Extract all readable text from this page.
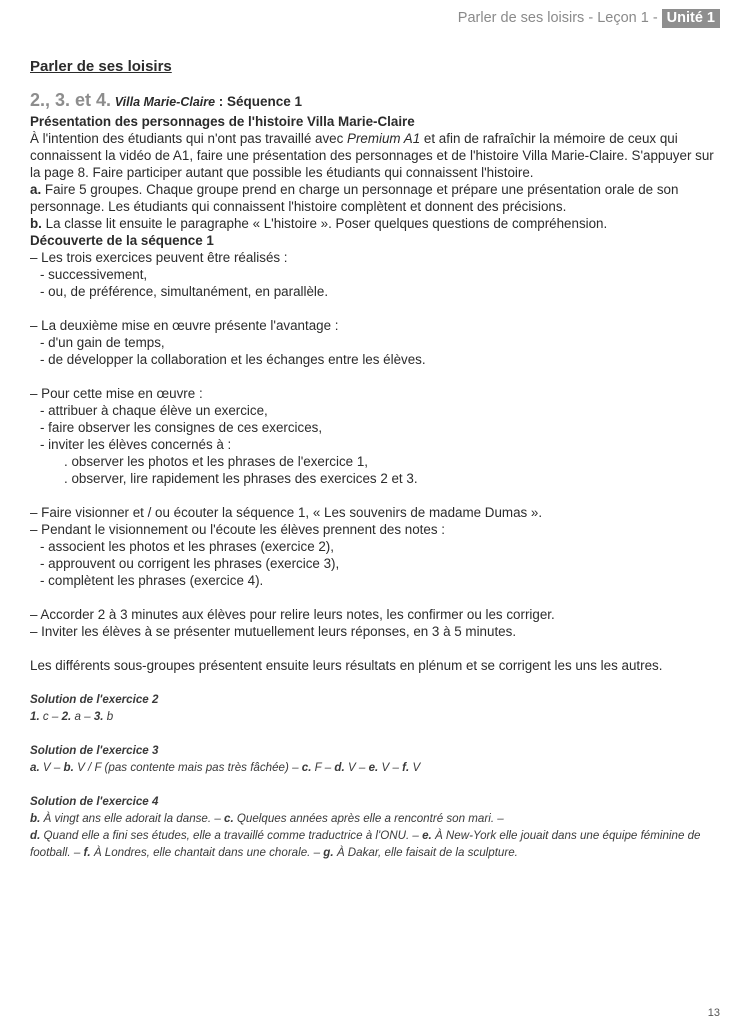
Parler de ses loisirs - Leçon 1 - Unité 1
Parler de ses loisirs
2., 3. et 4. Villa Marie-Claire : Séquence 1

Présentation des personnages de l'histoire Villa Marie-Claire

À l'intention des étudiants qui n'ont pas travaillé avec Premium A1 et afin de rafraîchir la mémoire de ceux qui connaissent la vidéo de A1, faire une présentation des personnages et de l'histoire Villa Marie-Claire. S'appuyer sur la page 8. Faire participer autant que possible les étudiants qui connaissent l'histoire.

a. Faire 5 groupes. Chaque groupe prend en charge un personnage et prépare une présentation orale de son personnage. Les étudiants qui connaissent l'histoire complètent et donnent des précisions.

b. La classe lit ensuite le paragraphe « L'histoire ». Poser quelques questions de compréhension.

Découverte de la séquence 1

– Les trois exercices peuvent être réalisés :

- successivement,

- ou, de préférence, simultanément, en parallèle.

– La deuxième mise en œuvre présente l'avantage :

- d'un gain de temps,

- de développer la collaboration et les échanges entre les élèves.

– Pour cette mise en œuvre :

- attribuer à chaque élève un exercice,

- faire observer les consignes de ces exercices,

- inviter les élèves concernés à :

. observer les photos et les phrases de l'exercice 1,

. observer, lire rapidement les phrases des exercices 2 et 3.

– Faire visionner et / ou écouter la séquence 1, « Les souvenirs de madame Dumas ».

– Pendant le visionnement ou l'écoute les élèves prennent des notes :

- associent les photos et les phrases (exercice 2),

- approuvent ou corrigent les phrases (exercice 3),

- complètent les phrases (exercice 4).

– Accorder 2 à 3 minutes aux élèves pour relire leurs notes, les confirmer ou les corriger.

– Inviter les élèves à se présenter mutuellement leurs réponses, en 3 à 5 minutes.

Les différents sous-groupes présentent ensuite leurs résultats en plénum et se corrigent les uns les autres.

Solution de l'exercice 2
1. c – 2. a – 3. b
Solution de l'exercice 3
a. V – b. V / F (pas contente mais pas très fâchée) – c. F – d. V – e. V – f. V
Solution de l'exercice 4
b. À vingt ans elle adorait la danse. – c. Quelques années après elle a rencontré son mari. –
d. Quand elle a fini ses études, elle a travaillé comme traductrice à l'ONU. – e. À New-York elle jouait dans une équipe féminine de football. – f. À Londres, elle chantait dans une chorale. – g. À Dakar, elle faisait de la sculpture.
13
